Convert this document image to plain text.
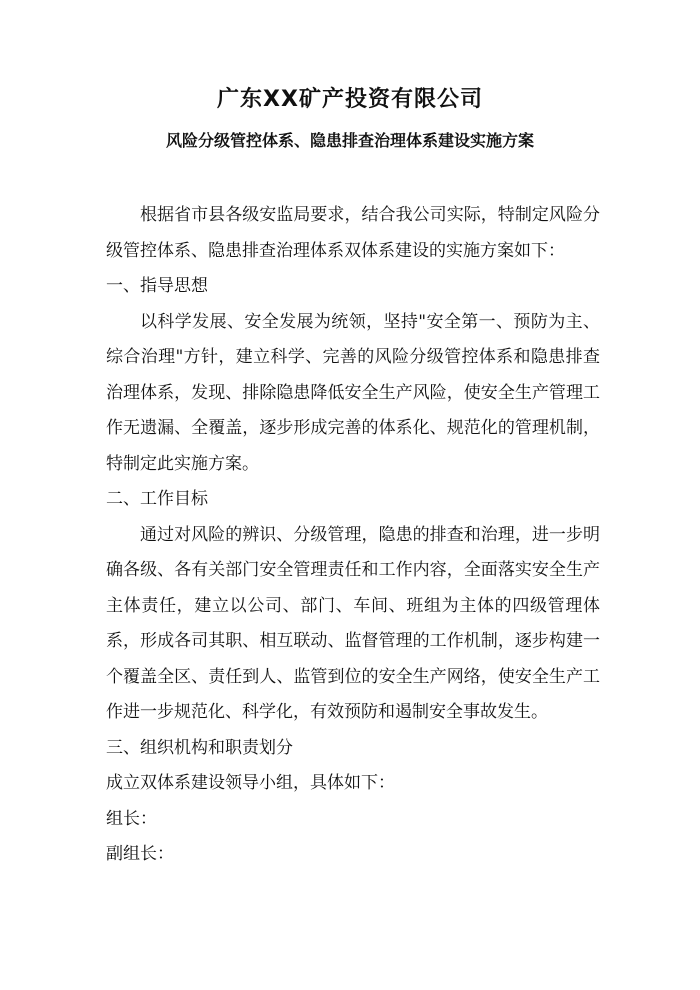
广东XX矿产投资有限公司
风险分级管控体系、隐患排查治理体系建设实施方案

根据省市县各级安监局要求，结合我公司实际，特制定风险分级管控体系、隐患排查治理体系双体系建设的实施方案如下：

一、指导思想

以科学发展、安全发展为统领，坚持"安全第一、预防为主、综合治理"方针，建立科学、完善的风险分级管控体系和隐患排查治理体系，发现、排除隐患降低安全生产风险，使安全生产管理工作无遗漏、全覆盖，逐步形成完善的体系化、规范化的管理机制，特制定此实施方案。

二、工作目标

通过对风险的辨识、分级管理，隐患的排查和治理，进一步明确各级、各有关部门安全管理责任和工作内容，全面落实安全生产主体责任，建立以公司、部门、车间、班组为主体的四级管理体系，形成各司其职、相互联动、监督管理的工作机制，逐步构建一个覆盖全区、责任到人、监管到位的安全生产网络，使安全生产工作进一步规范化、科学化，有效预防和遏制安全事故发生。

三、组织机构和职责划分

成立双体系建设领导小组，具体如下：

组长：

副组长：
